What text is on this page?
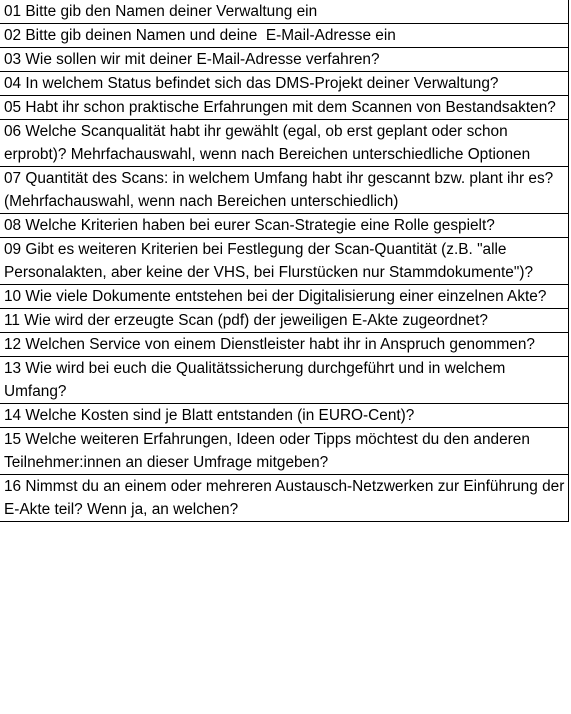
01 Bitte gib den Namen deiner Verwaltung ein
02 Bitte gib deinen Namen und deine  E-Mail-Adresse ein
03 Wie sollen wir mit deiner E-Mail-Adresse verfahren?
04 In welchem Status befindet sich das DMS-Projekt deiner Verwaltung?
05 Habt ihr schon praktische Erfahrungen mit dem Scannen von Bestandsakten?
06 Welche Scanqualität habt ihr gewählt (egal, ob erst geplant oder schon erprobt)? Mehrfachauswahl, wenn nach Bereichen unterschiedliche Optionen
07 Quantität des Scans: in welchem Umfang habt ihr gescannt bzw. plant ihr es? (Mehrfachauswahl, wenn nach Bereichen unterschiedlich)
08 Welche Kriterien haben bei eurer Scan-Strategie eine Rolle gespielt?
09 Gibt es weiteren Kriterien bei Festlegung der Scan-Quantität (z.B. "alle Personalakten, aber keine der VHS, bei Flurstücken nur Stammdokumente")?
10 Wie viele Dokumente entstehen bei der Digitalisierung einer einzelnen Akte?
11 Wie wird der erzeugte Scan (pdf) der jeweiligen E-Akte zugeordnet?
12 Welchen Service von einem Dienstleister habt ihr in Anspruch genommen?
13 Wie wird bei euch die Qualitätssicherung durchgeführt und in welchem Umfang?
14 Welche Kosten sind je Blatt entstanden (in EURO-Cent)?
15 Welche weiteren Erfahrungen, Ideen oder Tipps möchtest du den anderen Teilnehmer:innen an dieser Umfrage mitgeben?
16 Nimmst du an einem oder mehreren Austausch-Netzwerken zur Einführung der E-Akte teil? Wenn ja, an welchen?
